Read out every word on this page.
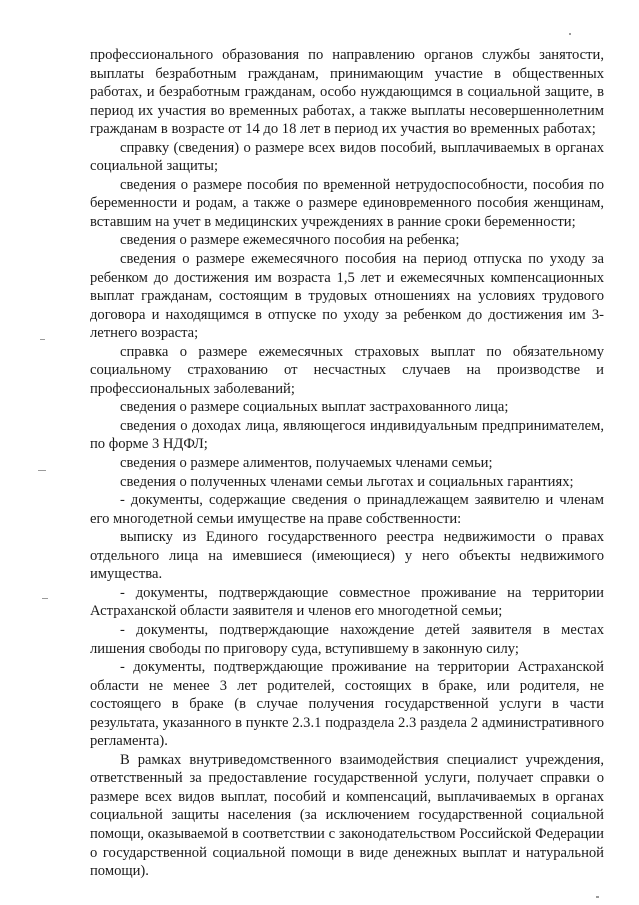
профессионального образования по направлению органов службы занятости, выплаты безработным гражданам, принимающим участие в общественных работах, и безработным гражданам, особо нуждающимся в социальной защите, в период их участия во временных работах, а также выплаты несовершеннолетним гражданам в возрасте от 14 до 18 лет в период их участия во временных работах;

справку (сведения) о размере всех видов пособий, выплачиваемых в органах социальной защиты;

сведения о размере пособия по временной нетрудоспособности, пособия по беременности и родам, а также о размере единовременного пособия женщинам, вставшим на учет в медицинских учреждениях в ранние сроки беременности;

сведения о размере ежемесячного пособия на ребенка;

сведения о размере ежемесячного пособия на период отпуска по уходу за ребенком до достижения им возраста 1,5 лет и ежемесячных компенсационных выплат гражданам, состоящим в трудовых отношениях на условиях трудового договора и находящимся в отпуске по уходу за ребенком до достижения им 3-летнего возраста;

справка о размере ежемесячных страховых выплат по обязательному социальному страхованию от несчастных случаев на производстве и профессиональных заболеваний;

сведения о размере социальных выплат застрахованного лица;

сведения о доходах лица, являющегося индивидуальным предпринимателем, по форме 3 НДФЛ;

сведения о размере алиментов, получаемых членами семьи;

сведения о полученных членами семьи льготах и социальных гарантиях;

- документы, содержащие сведения о принадлежащем заявителю и членам его многодетной семьи имуществе на праве собственности:

выписку из Единого государственного реестра недвижимости о правах отдельного лица на имевшиеся (имеющиеся) у него объекты недвижимого имущества.

- документы, подтверждающие совместное проживание на территории Астраханской области заявителя и членов его многодетной семьи;

- документы, подтверждающие нахождение детей заявителя в местах лишения свободы по приговору суда, вступившему в законную силу;

- документы, подтверждающие проживание на территории Астраханской области не менее 3 лет родителей, состоящих в браке, или родителя, не состоящего в браке (в случае получения государственной услуги в части результата, указанного в пункте 2.3.1 подраздела 2.3 раздела 2 административного регламента).

В рамках внутриведомственного взаимодействия специалист учреждения, ответственный за предоставление государственной услуги, получает справки о размере всех видов выплат, пособий и компенсаций, выплачиваемых в органах социальной защиты населения (за исключением государственной социальной помощи, оказываемой в соответствии с законодательством Российской Федерации о государственной социальной помощи в виде денежных выплат и натуральной помощи).
